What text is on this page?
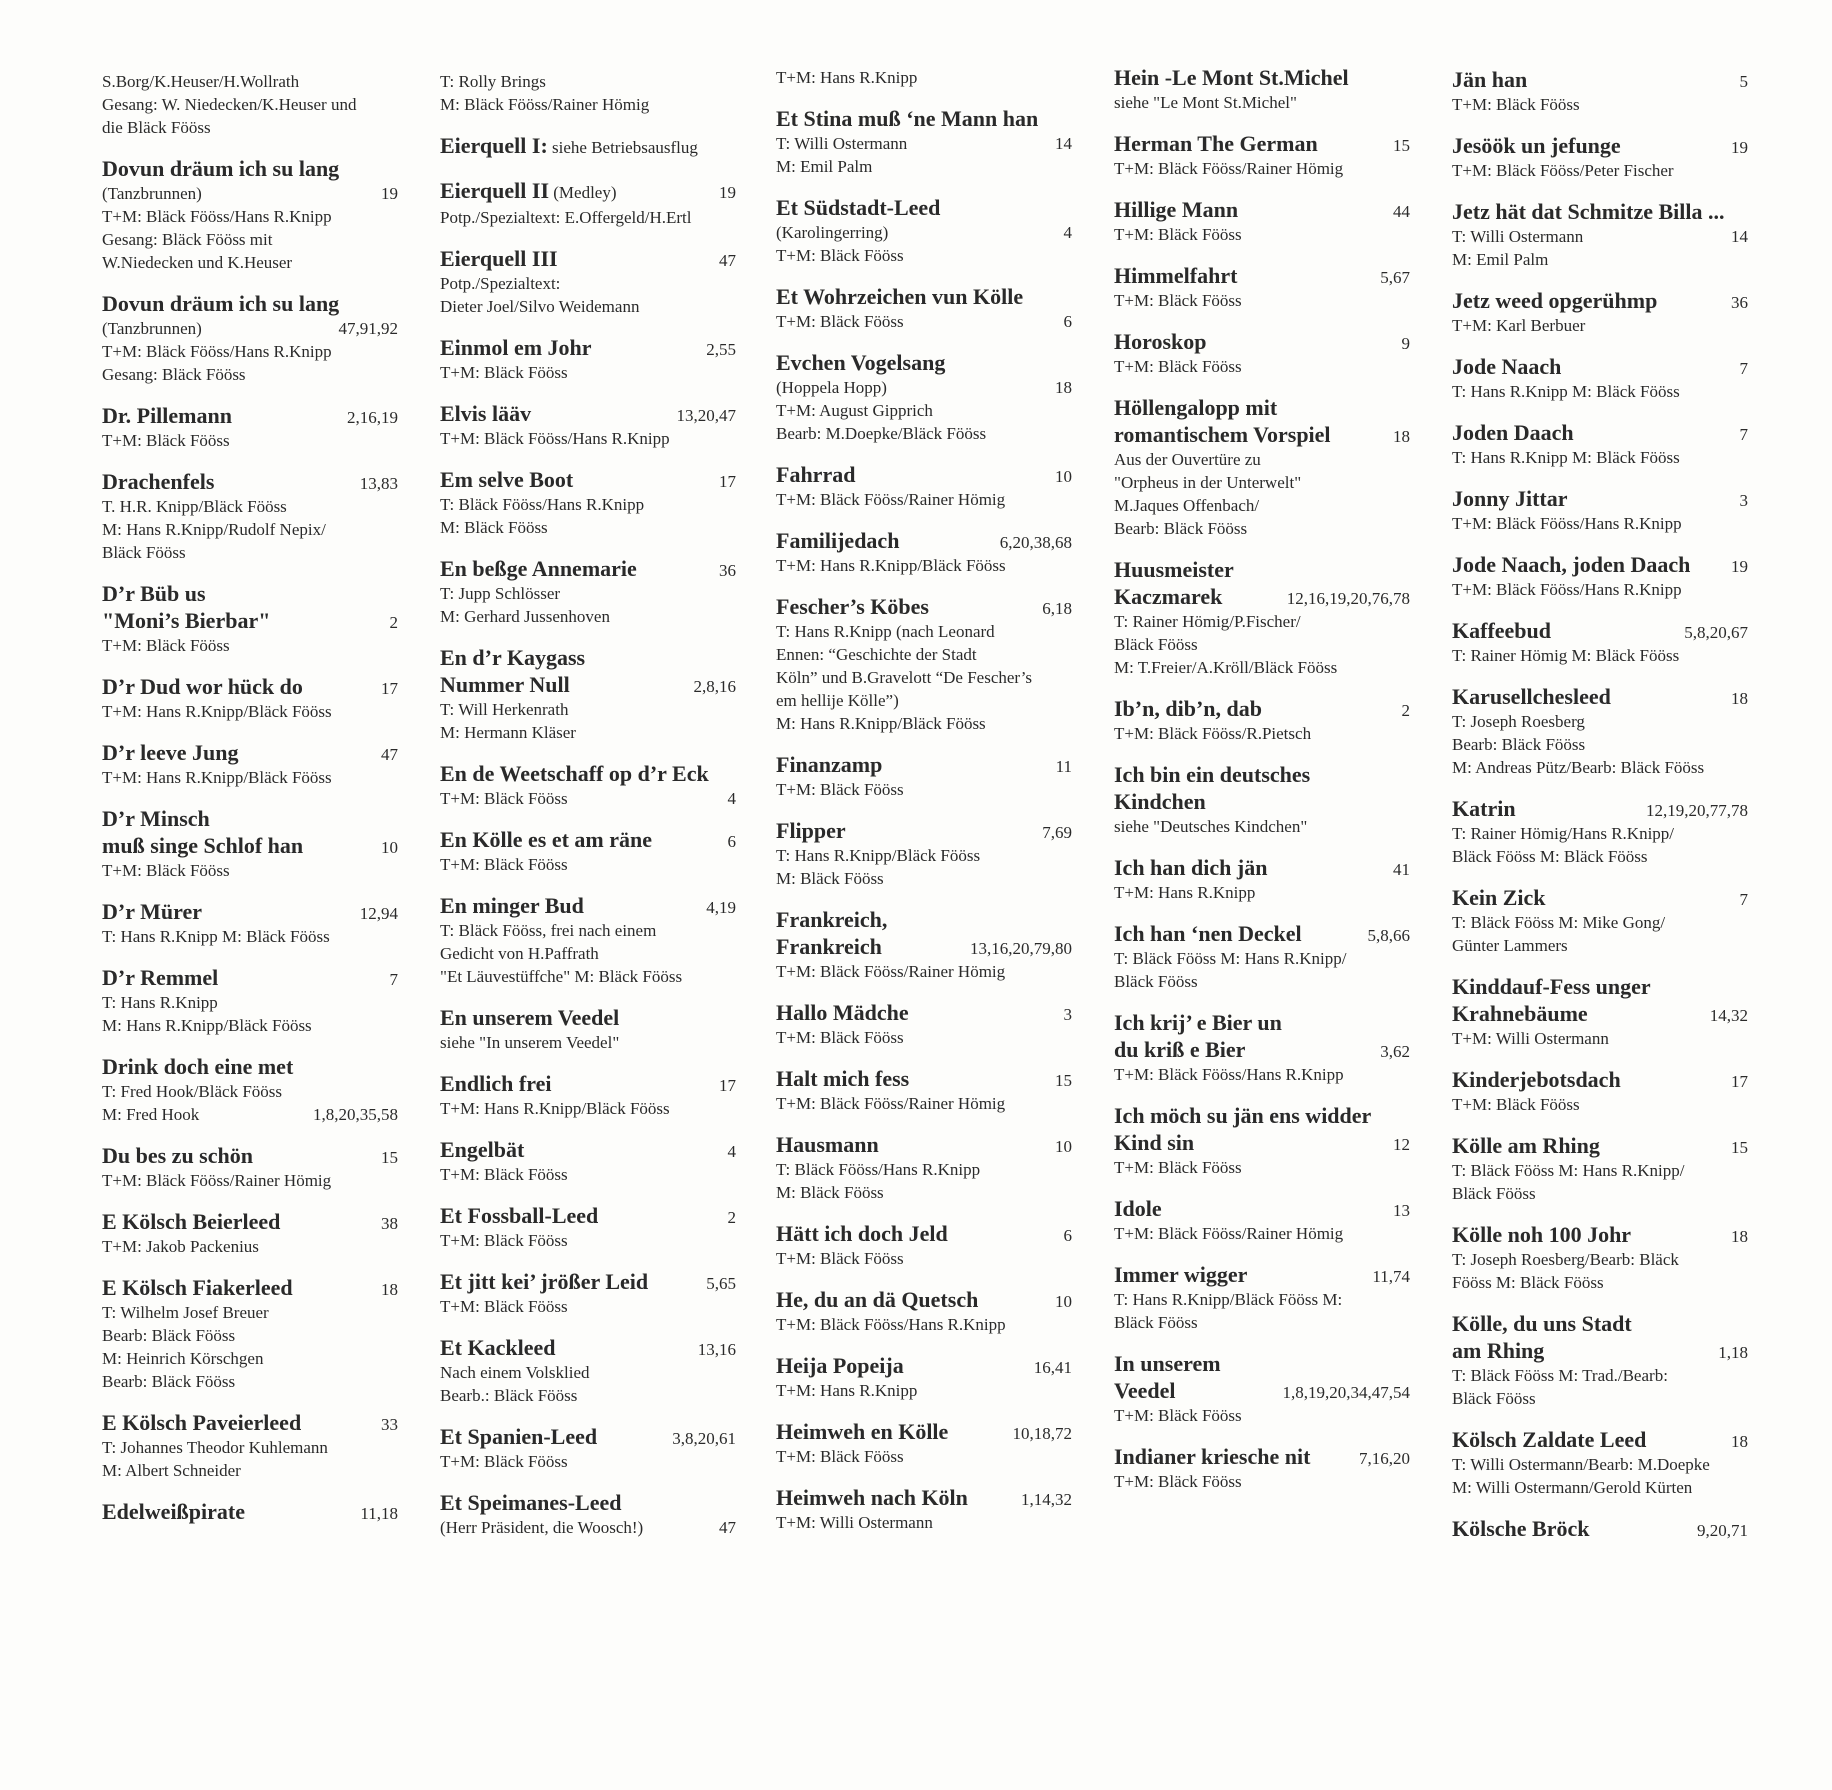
S.Borg/K.Heuser/H.Wollrath
Gesang: W. Niedecken/K.Heuser und
die Bläck Fööss
Dovun dräum ich su lang
(Tanzbrunnen)	19
T+M: Bläck Fööss/Hans R.Knipp
Gesang: Bläck Fööss mit
W.Niedecken und K.Heuser
Dovun dräum ich su lang
(Tanzbrunnen)	47,91,92
T+M: Bläck Fööss/Hans R.Knipp
Gesang: Bläck Fööss
Dr. Pillemann	2,16,19
T+M: Bläck Fööss
Drachenfels	13,83
T. H.R. Knipp/Bläck Fööss
M: Hans R.Knipp/Rudolf Nepix/
Bläck Fööss
D’r Büb us
"Moni’s Bierbar"	2
T+M: Bläck Fööss
D’r Dud wor hück do	17
T+M: Hans R.Knipp/Bläck Fööss
D’r leeve Jung	47
T+M: Hans R.Knipp/Bläck Fööss
D’r Minsch
muß singe Schlof han	10
T+M: Bläck Fööss
D’r Mürer	12,94
T: Hans R.Knipp M: Bläck Fööss
D’r Remmel	7
T: Hans R.Knipp
M: Hans R.Knipp/Bläck Fööss
Drink doch eine met
T: Fred Hook/Bläck Fööss
M: Fred Hook	1,8,20,35,58
Du bes zu schön	15
T+M: Bläck Fööss/Rainer Hömig
E Kölsch Beierleed	38
T+M: Jakob Packenius
E Kölsch Fiakerleed	18
T: Wilhelm Josef Breuer
Bearb: Bläck Fööss
M: Heinrich Körschgen
Bearb: Bläck Fööss
E Kölsch Paveierleed	33
T: Johannes Theodor Kuhlemann
M: Albert Schneider
Edelweißpirate	11,18
T: Rolly Brings
M: Bläck Fööss/Rainer Hömig
Eierquell I: siehe Betriebsausflug
Eierquell II (Medley)	19
Potp./Spezialtext: E.Offergeld/H.Ertl
Eierquell III	47
Potp./Spezialtext:
Dieter Joel/Silvo Weidemann
Einmol em Johr	2,55
T+M: Bläck Fööss
Elvis lääv	13,20,47
T+M: Bläck Fööss/Hans R.Knipp
Em selve Boot	17
T: Bläck Fööss/Hans R.Knipp
M: Bläck Fööss
En beßge Annemarie	36
T: Jupp Schlösser
M: Gerhard Jussenhoven
En d’r Kaygass
Nummer Null	2,8,16
T: Will Herkenrath
M: Hermann Kläser
En de Weetschaff op d’r Eck
T+M: Bläck Fööss	4
En Kölle es et am räne	6
T+M: Bläck Fööss
En minger Bud	4,19
T: Bläck Fööss, frei nach einem
Gedicht von H.Paffrath
"Et Läuvestüffche" M: Bläck Fööss
En unserem Veedel
siehe "In unserem Veedel"
Endlich frei	17
T+M: Hans R.Knipp/Bläck Fööss
Engelbät	4
T+M: Bläck Fööss
Et Fossball-Leed	2
T+M: Bläck Fööss
Et jitt kei’ jrößer Leid	5,65
T+M: Bläck Fööss
Et Kackleed	13,16
Nach einem Volsklied
Bearb.: Bläck Fööss
Et Spanien-Leed	3,8,20,61
T+M: Bläck Fööss
Et Speimanes-Leed
(Herr Präsident, die Woosch!)	47
T+M: Hans R.Knipp
Et Stina muß ‘ne Mann han
T: Willi Ostermann	14
M: Emil Palm
Et Südstadt-Leed
(Karolingerring)	4
T+M: Bläck Fööss
Et Wohrzeichen vun Kölle
T+M: Bläck Fööss	6
Evchen Vogelsang
(Hoppela Hopp)	18
T+M: August Gipprich
Bearb: M.Doepke/Bläck Fööss
Fahrrad	10
T+M: Bläck Fööss/Rainer Hömig
Familijedach	6,20,38,68
T+M: Hans R.Knipp/Bläck Fööss
Fescher’s Köbes	6,18
T: Hans R.Knipp (nach Leonard
Ennen: “Geschichte der Stadt
Köln” und B.Gravelott “De Fescher’s
em hellije Kölle”)
M: Hans R.Knipp/Bläck Fööss
Finanzamp	11
T+M: Bläck Fööss
Flipper	7,69
T: Hans R.Knipp/Bläck Fööss
M: Bläck Fööss
Frankreich,
Frankreich	13,16,20,79,80
T+M: Bläck Fööss/Rainer Hömig
Hallo Mädche	3
T+M: Bläck Fööss
Halt mich fess	15
T+M: Bläck Fööss/Rainer Hömig
Hausmann	10
T: Bläck Fööss/Hans R.Knipp
M: Bläck Fööss
Hätt ich doch Jeld	6
T+M: Bläck Fööss
He, du an dä Quetsch	10
T+M: Bläck Fööss/Hans R.Knipp
Heija Popeija	16,41
T+M: Hans R.Knipp
Heimweh en Kölle	10,18,72
T+M: Bläck Fööss
Heimweh nach Köln	1,14,32
T+M: Willi Ostermann
Hein -Le Mont St.Michel
siehe "Le Mont St.Michel"
Herman The German	15
T+M: Bläck Fööss/Rainer Hömig
Hillige Mann	44
T+M: Bläck Fööss
Himmelfahrt	5,67
T+M: Bläck Fööss
Horoskop	9
T+M: Bläck Fööss
Höllengalopp mit
romantischem Vorspiel	18
Aus der Ouvertüre zu
"Orpheus in der Unterwelt"
M.Jaques Offenbach/
Bearb: Bläck Fööss
Huusmeister
Kaczmarek	12,16,19,20,76,78
T: Rainer Hömig/P.Fischer/
Bläck Fööss
M: T.Freier/A.Kröll/Bläck Fööss
Ib’n, dib’n, dab	2
T+M: Bläck Fööss/R.Pietsch
Ich bin ein deutsches
Kindchen
siehe "Deutsches Kindchen"
Ich han dich jän	41
T+M: Hans R.Knipp
Ich han ‘nen Deckel	5,8,66
T: Bläck Fööss M: Hans R.Knipp/
Bläck Fööss
Ich krij’ e Bier un
du krіß e Bier	3,62
T+M: Bläck Fööss/Hans R.Knipp
Ich möch su jän ens widder
Kind sin	12
T+M: Bläck Fööss
Idole	13
T+M: Bläck Fööss/Rainer Hömig
Immer wigger	11,74
T: Hans R.Knipp/Bläck Fööss M:
Bläck Fööss
In unserem
Veedel	1,8,19,20,34,47,54
T+M: Bläck Fööss
Indianer kriesche nit	7,16,20
T+M: Bläck Fööss
Jän han	5
T+M: Bläck Fööss
Jesöök un jefunge	19
T+M: Bläck Fööss/Peter Fischer
Jetz hät dat Schmitze Billa ...
T: Willi Ostermann	14
M: Emil Palm
Jetz weed opgerühmp	36
T+M: Karl Berbuer
Jode Naach	7
T: Hans R.Knipp M: Bläck Fööss
Joden Daach	7
T: Hans R.Knipp M: Bläck Fööss
Jonny Jittar	3
T+M: Bläck Fööss/Hans R.Knipp
Jode Naach, joden Daach	19
T+M: Bläck Fööss/Hans R.Knipp
Kaffeebud	5,8,20,67
T: Rainer Hömig M: Bläck Fööss
Karusellchesleed	18
T: Joseph Roesberg
Bearb: Bläck Fööss
M: Andreas Pütz/Bearb: Bläck Fööss
Katrin	12,19,20,77,78
T: Rainer Hömig/Hans R.Knipp/
Bläck Fööss M: Bläck Fööss
Kein Zick	7
T: Bläck Fööss M: Mike Gong/
Günter Lammers
Kinddauf-Fess unger
Krahnebäume	14,32
T+M: Willi Ostermann
Kinderjebotsdach	17
T+M: Bläck Fööss
Kölle am Rhing	15
T: Bläck Fööss M: Hans R.Knipp/
Bläck Fööss
Kölle noh 100 Johr	18
T: Joseph Roesberg/Bearb: Bläck
Fööss M: Bläck Fööss
Kölle, du uns Stadt
am Rhing	1,18
T: Bläck Fööss M: Trad./Bearb:
Bläck Fööss
Kölsch Zaldate Leed	18
T: Willi Ostermann/Bearb: M.Doepke
M: Willi Ostermann/Gerold Kürten
Kölsche Bröck	9,20,71
